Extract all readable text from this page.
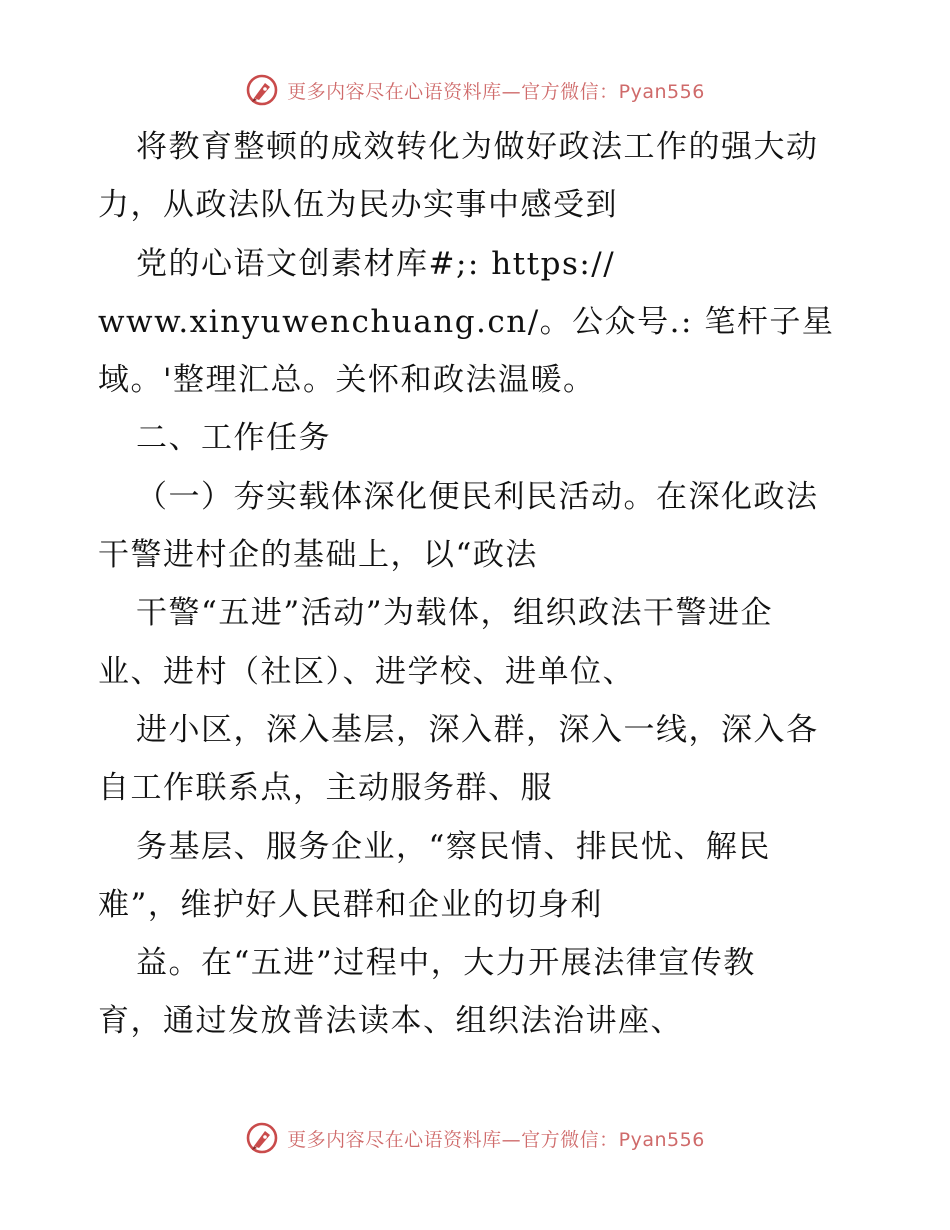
更多内容尽在心语资料库—官方微信：Pyan556
将教育整顿的成效转化为做好政法工作的强大动
力，从政法队伍为民办实事中感受到
党的心语文创素材库#;: https://
www.xinyuwenchuang.cn/。公众号.: 笔杆子星
域。'整理汇总。关怀和政法温暖。
二、工作任务
（一）夯实载体深化便民利民活动。在深化政法
干警进村企的基础上，以“政法
干警“五进”活动”为载体，组织政法干警进企
业、进村（社区）、进学校、进单位、
进小区，深入基层，深入群，深入一线，深入各
自工作联系点，主动服务群、服
务基层、服务企业，“察民情、排民忧、解民
难”，维护好人民群和企业的切身利
益。在“五进”过程中，大力开展法律宣传教
育，通过发放普法读本、组织法治讲座、
更多内容尽在心语资料库—官方微信：Pyan556
